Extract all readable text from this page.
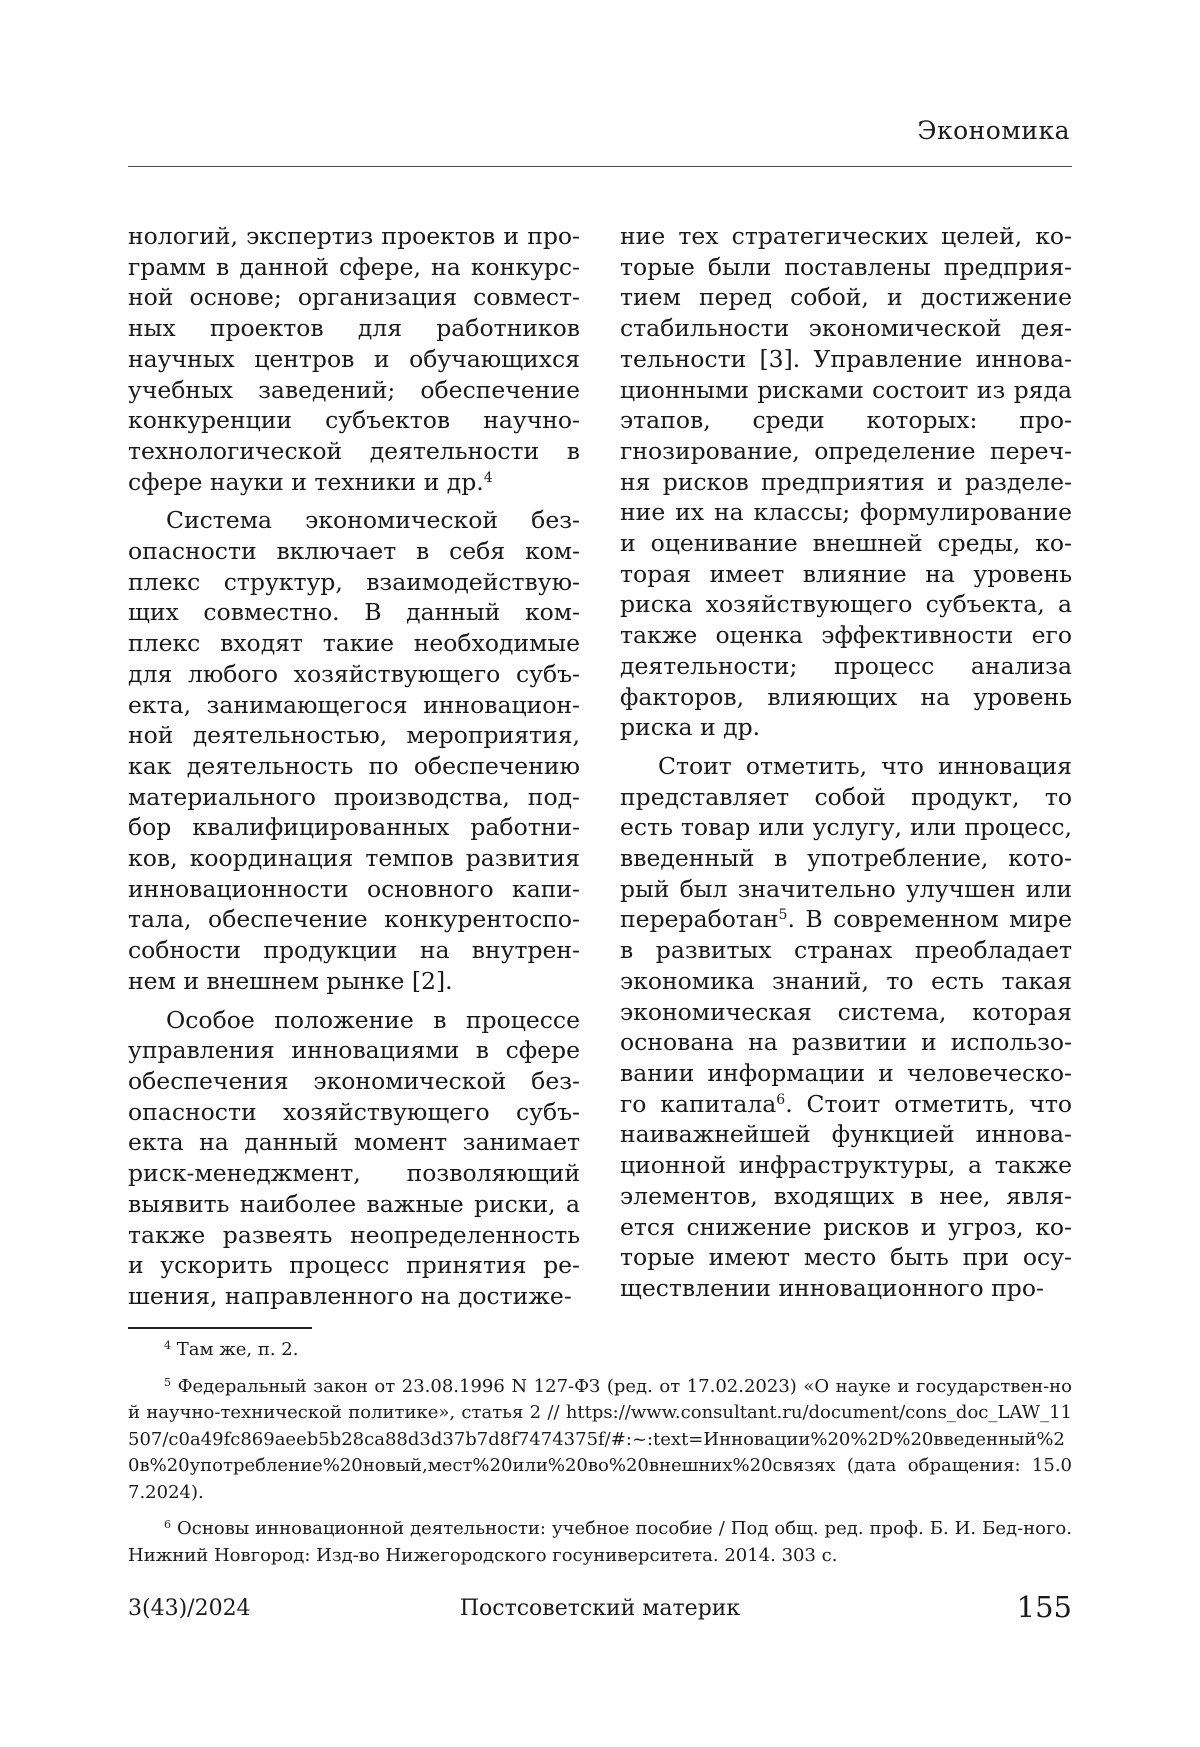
Экономика

нологий, экспертиз проектов и про-грамм в данной сфере, на конкурс-ной основе; организация совмест-ных проектов для работников научных центров и обучающихся учебных заведений; обеспечение конкуренции субъектов научно-технологической деятельности в сфере науки и техники и др.$^4$

Система экономической без-опасности включает в себя ком-плекс структур, взаимодействую-щих совместно. В данный ком-плекс входят такие необходимые для любого хозяйствующего субъ-екта, занимающегося инновацион-ной деятельностью, мероприятия, как деятельность по обеспечению материального производства, под-бор квалифицированных работни-ков, координация темпов развития инновационности основного капи-тала, обеспечение конкурентоспо-собности продукции на внутрен-нем и внешнем рынке [2].

Особое положение в процессе управления инновациями в сфере обеспечения экономической без-опасности хозяйствующего субъ-екта на данный момент занимает риск-менеджмент, позволяющий выявить наиболее важные риски, а также развеять неопределенность и ускорить процесс принятия ре-шения, направленного на достиже-

ние тех стратегических целей, ко-торые были поставлены предприя-тием перед собой, и достижение стабильности экономической дея-тельности [3]. Управление иннова-ционными рисками состоит из ряда этапов, среди которых: про-гнозирование, определение переч-ня рисков предприятия и разделе-ние их на классы; формулирование и оценивание внешней среды, ко-торая имеет влияние на уровень риска хозяйствующего субъекта, а также оценка эффективности его деятельности; процесс анализа факторов, влияющих на уровень риска и др.

Стоит отметить, что инновация представляет собой продукт, то есть товар или услугу, или процесс, введенный в употребление, кото-рый был значительно улучшен или переработан$^5$. В современном мире в развитых странах преобладает экономика знаний, то есть такая экономическая система, которая основана на развитии и использо-вании информации и человеческо-го капитала$^6$. Стоит отметить, что наиважнейшей функцией иннова-ционной инфраструктуры, а также элементов, входящих в нее, явля-ется снижение рисков и угроз, ко-торые имеют место быть при осу-ществлении инновационного про-

$^4$ Там же, п. 2.

$^5$ Федеральный закон от 23.08.1996 N 127-ФЗ (ред. от 17.02.2023) «О науке и государствен-ной научно-технической политике», статья 2 // https://www.consultant.ru/document/cons_doc_LAW_11507/c0a49fc869aeeb5b28ca88d3d37b7d8f7474375f/#:~:text=Инновации%20%2D%20введенный%20в%20употребление%20новый,мест%20или%20во%20внешних%20связях (дата обращения: 15.07.2024).

$^6$ Основы инновационной деятельности: учебное пособие / Под общ. ред. проф. Б. И. Бед-ного. Нижний Новгород: Изд-во Нижегородского госуниверситета. 2014. 303 с.

3(43)/2024	Постсоветский материк	155
